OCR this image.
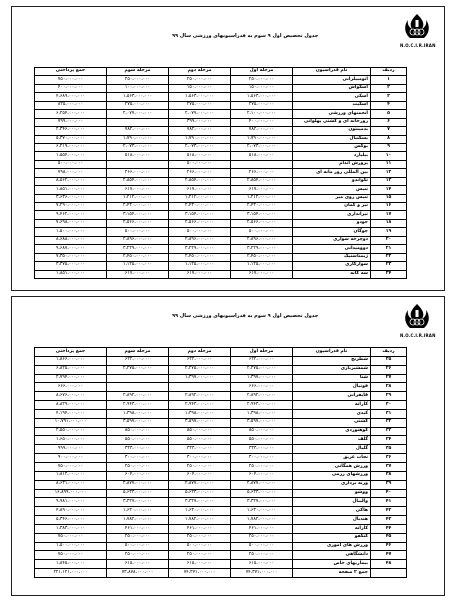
N.O.C.I.R.IRAN
جدول تخصیص اول ۹ سوم به فدراسیونهای ورزشی سال ۹۹
ردیف	نام فدراسیون	مرحله اول	مرحله دوم	مرحله سوم	جمع پرداختی
۱	اتومبیلرانی	۲۵۰،۰۰۰،۰۰۰	۲۵۰،۰۰۰،۰۰۰	۲۵۰،۰۰۰،۰۰۰	۷۵۰،۰۰۰،۰۰۰
۲	اسکواش	۱۵۰،۰۰۰،۰۰۰	۱۵۰،۰۰۰،۰۰۰	۱۰۰،۰۰۰،۰۰۰	۴۰۰،۰۰۰،۰۰۰
۳	اسکی	۱،۵۶۳،۰۰۰،۰۰۰	۱،۵۶۳،۰۰۰،۰۰۰	۱،۵۶۳،۰۰۰،۰۰۰	۴،۶۸۹،۰۰۰،۰۰۰
۴	اسکیت	۲۷۵،۰۰۰،۰۰۰	۲۷۵،۰۰۰،۰۰۰	۲۷۵،۰۰۰،۰۰۰	۸۲۵،۰۰۰،۰۰۰
۵	انجمنهای ورزشی	۲،۱۰۰،۰۰۰،۰۰۰	۲،۰۷۷،۰۰۰،۰۰۰	۲،۰۷۷،۰۰۰،۰۰۰	۶،۲۵۴،۰۰۰،۰۰۰
۶	زورخانه ای و کشتی پهلوانی	۴۰۰،۰۰۰،۰۰۰	۳۹۹،۰۰۰،۰۰۰		۷۹۹،۰۰۰،۰۰۰
۷	بدمینتون	۷۸۲،۰۰۰،۰۰۰	۷۸۲،۰۰۰،۰۰۰	۷۸۲،۰۰۰،۰۰۰	۲،۳۴۶،۰۰۰،۰۰۰
۸	بسکتبال	۱،۷۹۰،۰۰۰،۰۰۰	۱،۷۹۰،۰۰۰،۰۰۰	۱،۷۹۰،۰۰۰،۰۰۰	۵،۳۷۰،۰۰۰،۰۰۰
۹	بوکس	۲،۰۷۳،۰۰۰،۰۰۰	۲،۰۷۳،۰۰۰،۰۰۰	۲،۰۷۳،۰۰۰،۰۰۰	۶،۲۱۹،۰۰۰،۰۰۰
۱۰	بیلیارد	۵۱۸،۰۰۰،۰۰۰	۵۱۸،۰۰۰،۰۰۰	۵۱۸،۰۰۰،۰۰۰	۱،۵۵۴،۰۰۰،۰۰۰
۱۱	پرورش اندام		۵۰۰،۰۰۰،۰۰۰		۵۰۰،۰۰۰،۰۰۰
۱۲	بین المللی روز مانه ای	۲۶۶،۰۰۰،۰۰۰	۲۶۶،۰۰۰،۰۰۰	۲۶۶،۰۰۰،۰۰۰	۷۹۸،۰۰۰،۰۰۰
۱۳	تکواندو	۲،۸۵۴،۰۰۰،۰۰۰	۲،۸۵۴،۰۰۰،۰۰۰	۲،۸۵۴،۰۰۰،۰۰۰	۸،۵۶۲،۰۰۰،۰۰۰
۱۴	تنیس	۶۱۷،۰۰۰،۰۰۰	۶۱۷،۰۰۰،۰۰۰	۶۱۷،۰۰۰،۰۰۰	۱،۸۵۱،۰۰۰،۰۰۰
۱۵	تنیس روی میز	۱،۲۱۲،۰۰۰،۰۰۰	۱،۲۱۲،۰۰۰،۰۰۰	۱،۲۱۲،۰۰۰،۰۰۰	۳،۶۳۶،۰۰۰،۰۰۰
۱۶	تیر و کمان	۲،۴۳۰،۰۰۰،۰۰۰	۲،۴۳۰،۰۰۰،۰۰۰	۲،۴۳۰،۰۰۰،۰۰۰	۷،۲۹۰،۰۰۰،۰۰۰
۱۷	تیراندازی	۳،۱۵۴،۰۰۰،۰۰۰	۳،۱۵۴،۰۰۰،۰۰۰	۳،۱۵۴،۰۰۰،۰۰۰	۹،۴۶۲،۰۰۰،۰۰۰
۱۸	جودو	۲،۵۶۶،۰۰۰،۰۰۰	۲،۵۶۶،۰۰۰،۰۰۰	۲،۵۶۶،۰۰۰،۰۰۰	۷،۶۹۸،۰۰۰،۰۰۰
۱۹	چوگان	۵۰۰،۰۰۰،۰۰۰	۵۰۰،۰۰۰،۰۰۰	۵۰۰،۰۰۰،۰۰۰	۱،۵۰۰،۰۰۰،۰۰۰
۲۰	دوچرخه سواری	۲،۸۹۶،۰۰۰،۰۰۰	۲،۸۹۶،۰۰۰،۰۰۰	۲،۸۹۶،۰۰۰،۰۰۰	۸،۶۸۸،۰۰۰،۰۰۰
۲۱	دوومیدانی	۳،۲۲۹،۰۰۰،۰۰۰	۳،۲۲۹،۰۰۰،۰۰۰	۳،۲۲۹،۰۰۰،۰۰۰	۹،۶۸۷،۰۰۰،۰۰۰
۲۲	ژیمناستیک	۲،۴۵۰،۰۰۰،۰۰۰	۲،۴۵۰،۰۰۰،۰۰۰	۲،۴۵۰،۰۰۰،۰۰۰	۷،۳۵۰،۰۰۰،۰۰۰
۲۳	سوارکاری	۱،۱۲۵،۰۰۰،۰۰۰	۱،۱۲۵،۰۰۰،۰۰۰	۱،۱۲۵،۰۰۰،۰۰۰	۳،۳۷۵،۰۰۰،۰۰۰
۲۴	سه گانه	۶۱۷،۰۰۰،۰۰۰	۶۱۷،۰۰۰،۰۰۰	۶۱۷،۰۰۰،۰۰۰	۱،۸۵۱،۰۰۰،۰۰۰
N.O.C.I.R.IRAN
جدول تخصیص اول ۹ سوم به فدراسیونهای ورزشی سال ۹۹
ردیف	نام فدراسیون	مرحله اول	مرحله دوم	مرحله سوم	جمع پرداختی
۲۵	شطرنج	۶۲۲،۰۰۰،۰۰۰	۶۲۲،۰۰۰،۰۰۰	۶۲۲،۰۰۰،۰۰۰	۱،۸۶۶،۰۰۰،۰۰۰
۲۶	شمشیربازی	۲،۲۷۵،۰۰۰،۰۰۰	۲،۲۷۵،۰۰۰،۰۰۰	۲،۲۷۵،۰۰۰،۰۰۰	۶،۸۲۵،۰۰۰،۰۰۰
۲۷	شنا	۱،۳۹۷،۰۰۰،۰۰۰	۱،۳۹۷،۰۰۰،۰۰۰		۲،۷۹۴،۰۰۰،۰۰۰
۲۸	فوتبال	۶۶۶،۰۰۰،۰۰۰			۶۶۶،۰۰۰،۰۰۰
۲۹	قایقرانی	۲،۸۹۲،۰۰۰،۰۰۰	۲،۸۹۲،۰۰۰،۰۰۰	۲،۸۹۲،۰۰۰،۰۰۰	۸،۶۷۶،۰۰۰،۰۰۰
۳۰	کاراته	۲،۹۴۳،۰۰۰،۰۰۰	۲،۹۴۳،۰۰۰،۰۰۰	۲،۹۴۳،۰۰۰،۰۰۰	۸،۸۲۹،۰۰۰،۰۰۰
۳۱	کبدی	۱،۳۹۸،۰۰۰،۰۰۰	۱،۳۹۸،۰۰۰،۰۰۰	۱،۳۹۸،۰۰۰،۰۰۰	۴،۱۹۴،۰۰۰،۰۰۰
۳۲	کشتی	۳،۵۹۷،۰۰۰،۰۰۰	۳،۵۹۷،۰۰۰،۰۰۰	۳،۵۹۷،۰۰۰،۰۰۰	۱۰،۷۹۱،۰۰۰،۰۰۰
۳۳	کوهنوردی	۸۵۰،۰۰۰،۰۰۰	۸۵۰،۰۰۰،۰۰۰	۸۵۰،۰۰۰،۰۰۰	۲،۵۵۰،۰۰۰،۰۰۰
۳۴	گلف	۵۵۰،۰۰۰،۰۰۰	۵۵۰،۰۰۰،۰۰۰	۵۵۰،۰۰۰،۰۰۰	۱،۶۵۰،۰۰۰،۰۰۰
۳۵	گلبال	۳۳۳،۰۰۰،۰۰۰	۳۳۳،۰۰۰،۰۰۰	۳۳۳،۰۰۰،۰۰۰	۹۹۹،۰۰۰،۰۰۰
۳۶	نجات غریق	۳۰۰،۰۰۰،۰۰۰	۳۰۰،۰۰۰،۰۰۰	۳۰۰،۰۰۰،۰۰۰	۹۰۰،۰۰۰،۰۰۰
۳۷	ورزش همگانی	۲۵۰،۰۰۰،۰۰۰	۲۵۰،۰۰۰،۰۰۰	۲۵۰،۰۰۰،۰۰۰	۷۵۰،۰۰۰،۰۰۰
۳۸	ورزشهای رزمی	۶۰۴،۰۰۰،۰۰۰	۶۰۴،۰۰۰،۰۰۰	۶۰۴،۰۰۰،۰۰۰	۱،۸۱۲،۰۰۰،۰۰۰
۳۹	وزنه برداری	۲،۸۷۷،۰۰۰،۰۰۰	۲،۸۷۷،۰۰۰،۰۰۰	۲،۸۷۷،۰۰۰،۰۰۰	۸،۶۳۱،۰۰۰،۰۰۰
۴۰	ووشو	۵،۶۳۳،۰۰۰،۰۰۰	۵،۶۳۳،۰۰۰،۰۰۰	۵،۶۳۳،۰۰۰،۰۰۰	۱۶،۸۹۹،۰۰۰،۰۰۰
۴۱	والیبال	۳،۳۲۷،۰۰۰،۰۰۰	۳،۳۲۷،۰۰۰،۰۰۰	۳،۳۲۷،۰۰۰،۰۰۰	۹،۹۸۱،۰۰۰،۰۰۰
۴۲	هاکی	۱،۶۳۰،۰۰۰،۰۰۰	۱،۶۳۰،۰۰۰،۰۰۰	۱،۶۳۰،۰۰۰،۰۰۰	۴،۸۹۰،۰۰۰،۰۰۰
۴۳	هندبال	۱،۷۸۲،۰۰۰،۰۰۰	۱،۷۸۲،۰۰۰،۰۰۰	۱،۷۸۲،۰۰۰،۰۰۰	۵،۳۴۶،۰۰۰،۰۰۰
۴۴	کاراته	۴۶۱،۰۰۰،۰۰۰	۴۶۱،۰۰۰،۰۰۰	۴۶۱،۰۰۰،۰۰۰	۱،۳۸۳،۰۰۰،۰۰۰
۴۵	کنگفو	۲۵۰،۰۰۰،۰۰۰	۲۵۰،۰۰۰،۰۰۰	۲۵۰،۰۰۰،۰۰۰	۷۵۰،۰۰۰،۰۰۰
۴۶	ورزش های آموزی	۵۰۰،۰۰۰،۰۰۰	۵۰۰،۰۰۰،۰۰۰	۵۰۰،۰۰۰،۰۰۰	۱،۵۰۰،۰۰۰،۰۰۰
۴۷	دانشگاهی	۲۵۰،۰۰۰،۰۰۰	۲۵۰،۰۰۰،۰۰۰	۲۵۰،۰۰۰،۰۰۰	۷۵۰،۰۰۰،۰۰۰
۴۸	بیماریهای خاص	۶۱۵،۰۰۰،۰۰۰	۶۱۵،۰۰۰،۰۰۰	۶۱۵،۰۰۰،۰۰۰	۱،۸۴۵،۰۰۰،۰۰۰
	جمع ۲ صفحه	۷۴،۳۷۱،۰۰۰،۰۰۰	۷۴،۳۷۱،۰۰۰،۰۰۰	۷۳،۸۷۸،۰۰۰،۰۰۰	۲۲۱،۱۲۱،۰۰۰،۰۰۰
